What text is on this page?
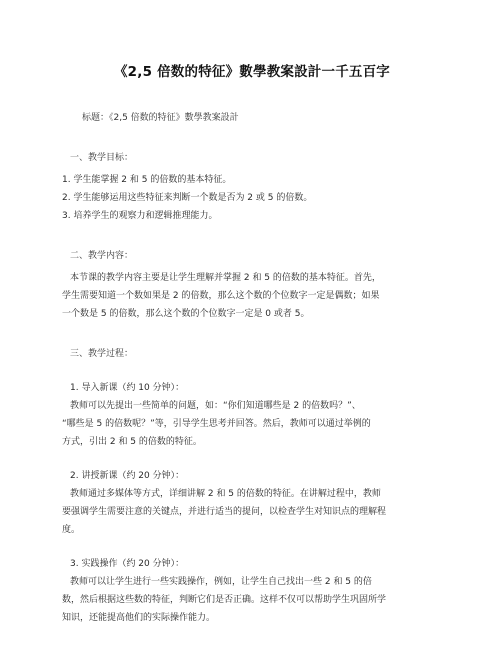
《2,5 倍数的特征》數學教案設計一千五百字
标题：《2,5 倍数的特征》數學教案設計
一、教学目标：
1. 学生能掌握 2 和 5 的倍数的基本特征。
2. 学生能够运用这些特征来判断一个数是否为 2 或 5 的倍数。
3. 培养学生的观察力和逻辑推理能力。
二、教学内容：
本节课的教学内容主要是让学生理解并掌握 2 和 5 的倍数的基本特征。首先，
学生需要知道一个数如果是 2 的倍数，那么这个数的个位数字一定是偶数；如果
一个数是 5 的倍数，那么这个数的个位数字一定是 0 或者 5。
三、教学过程：
1. 导入新课（约 10 分钟）：
教师可以先提出一些简单的问题，如：“你们知道哪些是 2 的倍数吗？”、
“哪些是 5 的倍数呢？”等，引导学生思考并回答。然后，教师可以通过举例的
方式，引出 2 和 5 的倍数的特征。
2. 讲授新课（约 20 分钟）：
教师通过多媒体等方式，详细讲解 2 和 5 的倍数的特征。在讲解过程中，教师
要强调学生需要注意的关键点，并进行适当的提问，以检查学生对知识点的理解程
度。
3. 实践操作（约 20 分钟）：
教师可以让学生进行一些实践操作，例如，让学生自己找出一些 2 和 5 的倍
数，然后根据这些数的特征，判断它们是否正确。这样不仅可以帮助学生巩固所学
知识，还能提高他们的实际操作能力。
